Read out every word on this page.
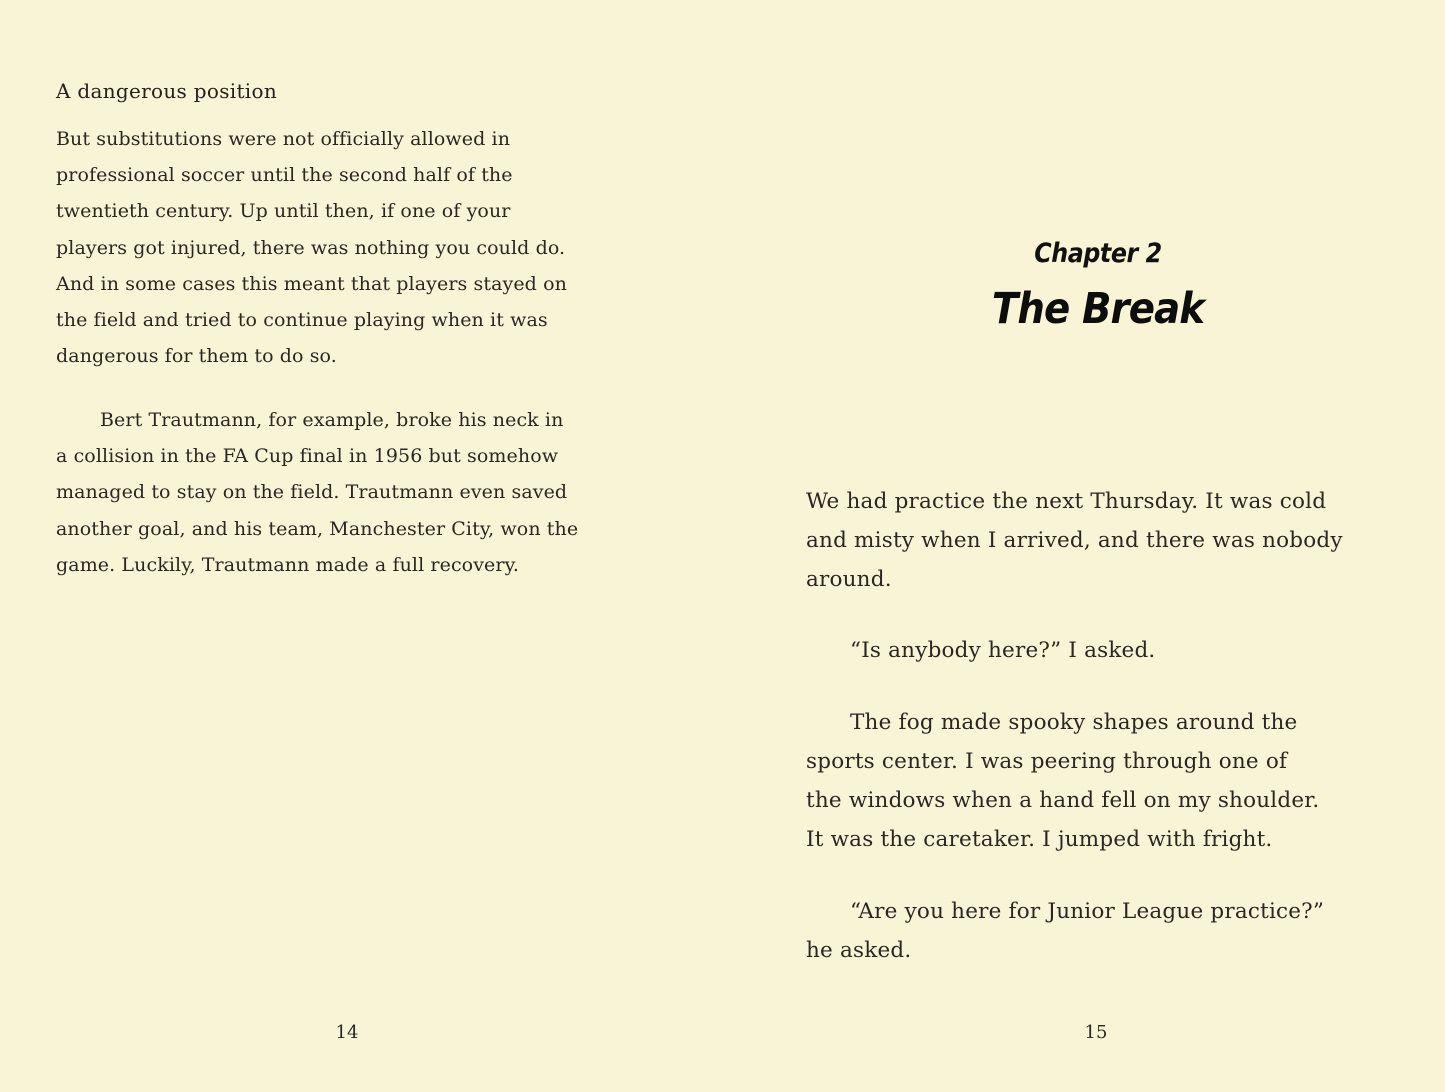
A dangerous position

But substitutions were not officially allowed in
professional soccer until the second half of the
twentieth century. Up until then, if one of your
players got injured, there was nothing you could do.
And in some cases this meant that players stayed on
the field and tried to continue playing when it was
dangerous for them to do so.

Bert Trautmann, for example, broke his neck in
a collision in the FA Cup final in 1956 but somehow
managed to stay on the field. Trautmann even saved
another goal, and his team, Manchester City, won the
game. Luckily, Trautmann made a full recovery.

14
Chapter 2
The Break

We had practice the next Thursday. It was cold
and misty when I arrived, and there was nobody
around.

“Is anybody here?” I asked.

The fog made spooky shapes around the
sports center. I was peering through one of
the windows when a hand fell on my shoulder.
It was the caretaker. I jumped with fright.

“Are you here for Junior League practice?”
he asked.

15
